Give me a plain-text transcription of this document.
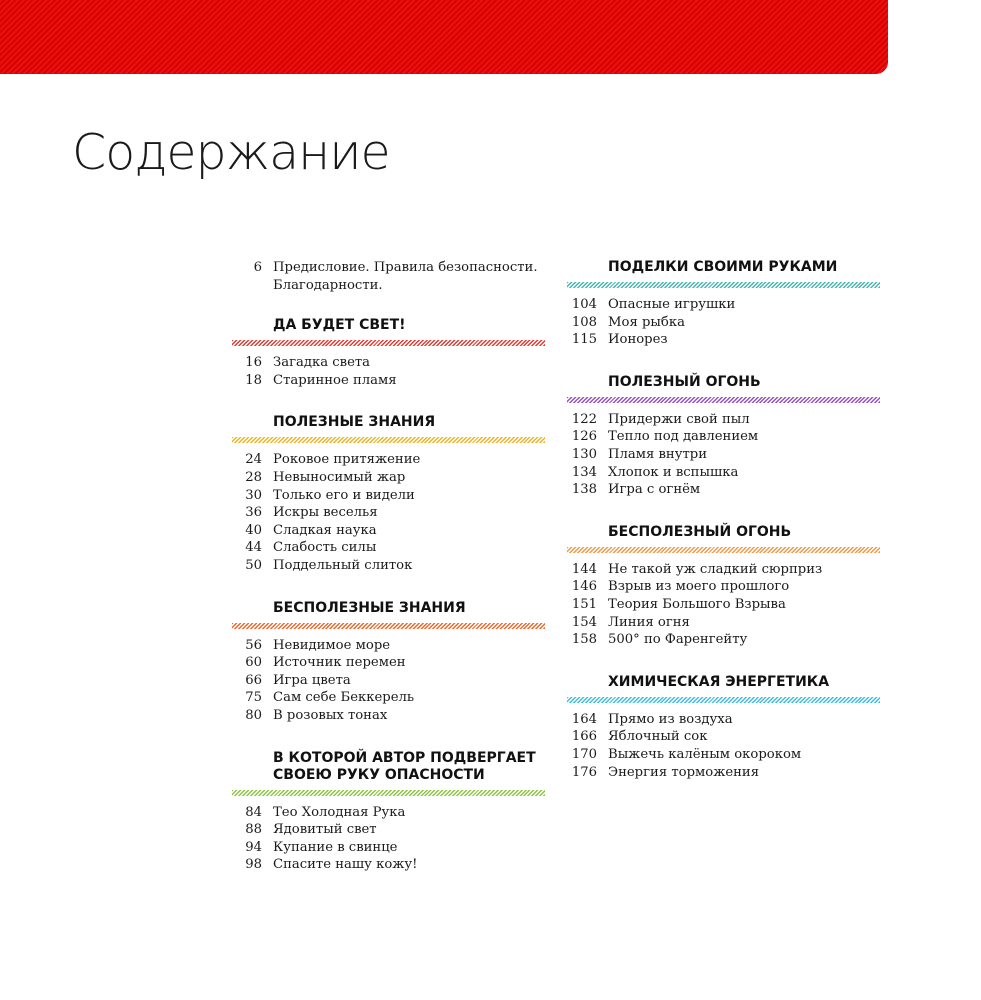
Содержание
6 Предисловие. Правила безопасности. Благодарности.
ДА БУДЕТ СВЕТ!
16 Загадка света
18 Старинное пламя
ПОЛЕЗНЫЕ ЗНАНИЯ
24 Роковое притяжение
28 Невыносимый жар
30 Только его и видели
36 Искры веселья
40 Сладкая наука
44 Слабость силы
50 Поддельный слиток
БЕСПОЛЕЗНЫЕ ЗНАНИЯ
56 Невидимое море
60 Источник перемен
66 Игра цвета
75 Сам себе Беккерель
80 В розовых тонах
В КОТОРОЙ АВТОР ПОДВЕРГАЕТ СВОЕЮ РУКУ ОПАСНОСТИ
84 Тео Холодная Рука
88 Ядовитый свет
94 Купание в свинце
98 Спасите нашу кожу!
ПОДЕЛКИ СВОИМИ РУКАМИ
104 Опасные игрушки
108 Моя рыбка
115 Ионорез
ПОЛЕЗНЫЙ ОГОНЬ
122 Придержи свой пыл
126 Тепло под давлением
130 Пламя внутри
134 Хлопок и вспышка
138 Игра с огнём
БЕСПОЛЕЗНЫЙ ОГОНЬ
144 Не такой уж сладкий сюрприз
146 Взрыв из моего прошлого
151 Теория Большого Взрыва
154 Линия огня
158 500° по Фаренгейту
ХИМИЧЕСКАЯ ЭНЕРГЕТИКА
164 Прямо из воздуха
166 Яблочный сок
170 Выжечь калёным окороком
176 Энергия торможения
